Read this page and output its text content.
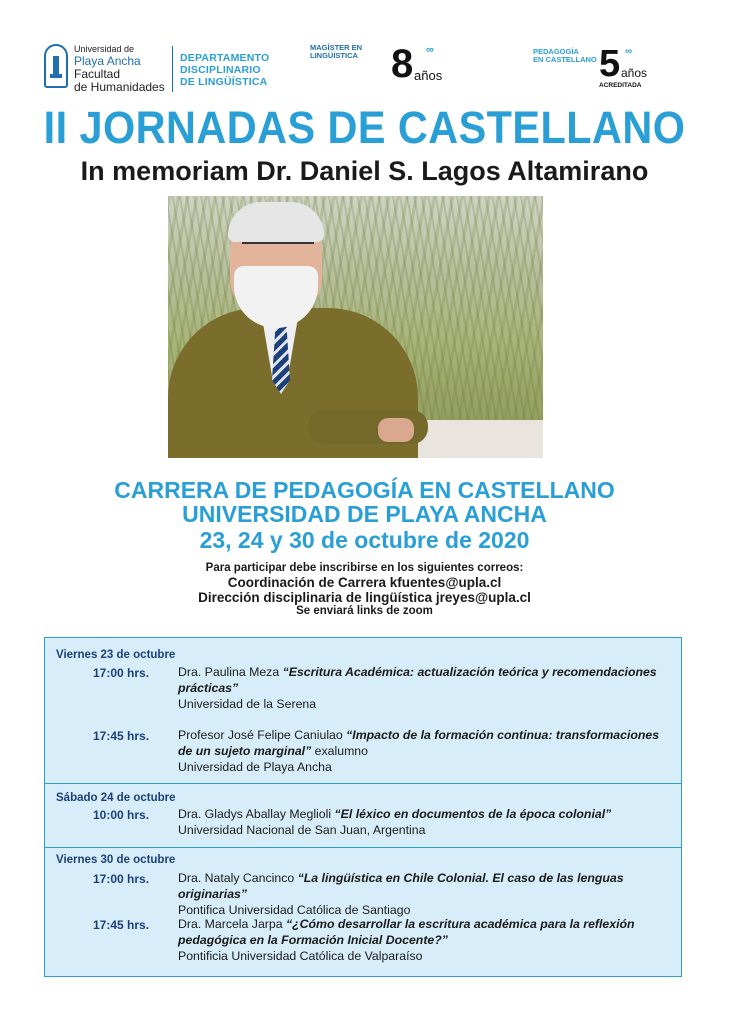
Universidad de
Playa Ancha
Facultad
de Humanidades
DEPARTAMENTO
DISCIPLINARIO
DE LINGÜÍSTICA
MAGÍSTER EN
LINGÜÍSTICA 8 años
∞	PEDAGOGÍA
EN CASTELLANO 5 años
ACREDITADA
∞
II JORNADAS DE CASTELLANO
In memoriam Dr. Daniel S. Lagos Altamirano
CARRERA DE PEDAGOGÍA EN CASTELLANO
UNIVERSIDAD DE PLAYA ANCHA
23, 24 y 30 de octubre de 2020
Para participar debe inscribirse en los siguientes correos:
Coordinación de Carrera kfuentes@upla.cl
Dirección disciplinaria de lingüística jreyes@upla.cl
Se enviará links de zoom
Viernes 23 de octubre
17:00 hrs.	Dra. Paulina Meza “Escritura Académica: actualización teórica y recomendaciones prácticas”
Universidad de la Serena
17:45 hrs.	Profesor José Felipe Caniulao “Impacto de la formación continua: transformaciones de un sujeto marginal” exalumno
Universidad de Playa Ancha
Sábado 24 de octubre
10:00 hrs.	Dra. Gladys Aballay Meglioli “El léxico en documentos de la época colonial”
Universidad Nacional de San Juan, Argentina
Viernes 30 de octubre
17:00 hrs.	Dra. Nataly Cancinco “La lingüística en Chile Colonial. El caso de las lenguas originarias”
Pontifica Universidad Católica de Santiago
17:45 hrs.	Dra. Marcela Jarpa “¿Cómo desarrollar la escritura académica para la reflexión pedagógica en la Formación Inicial Docente?”
Pontificia Universidad Católica de Valparaíso
